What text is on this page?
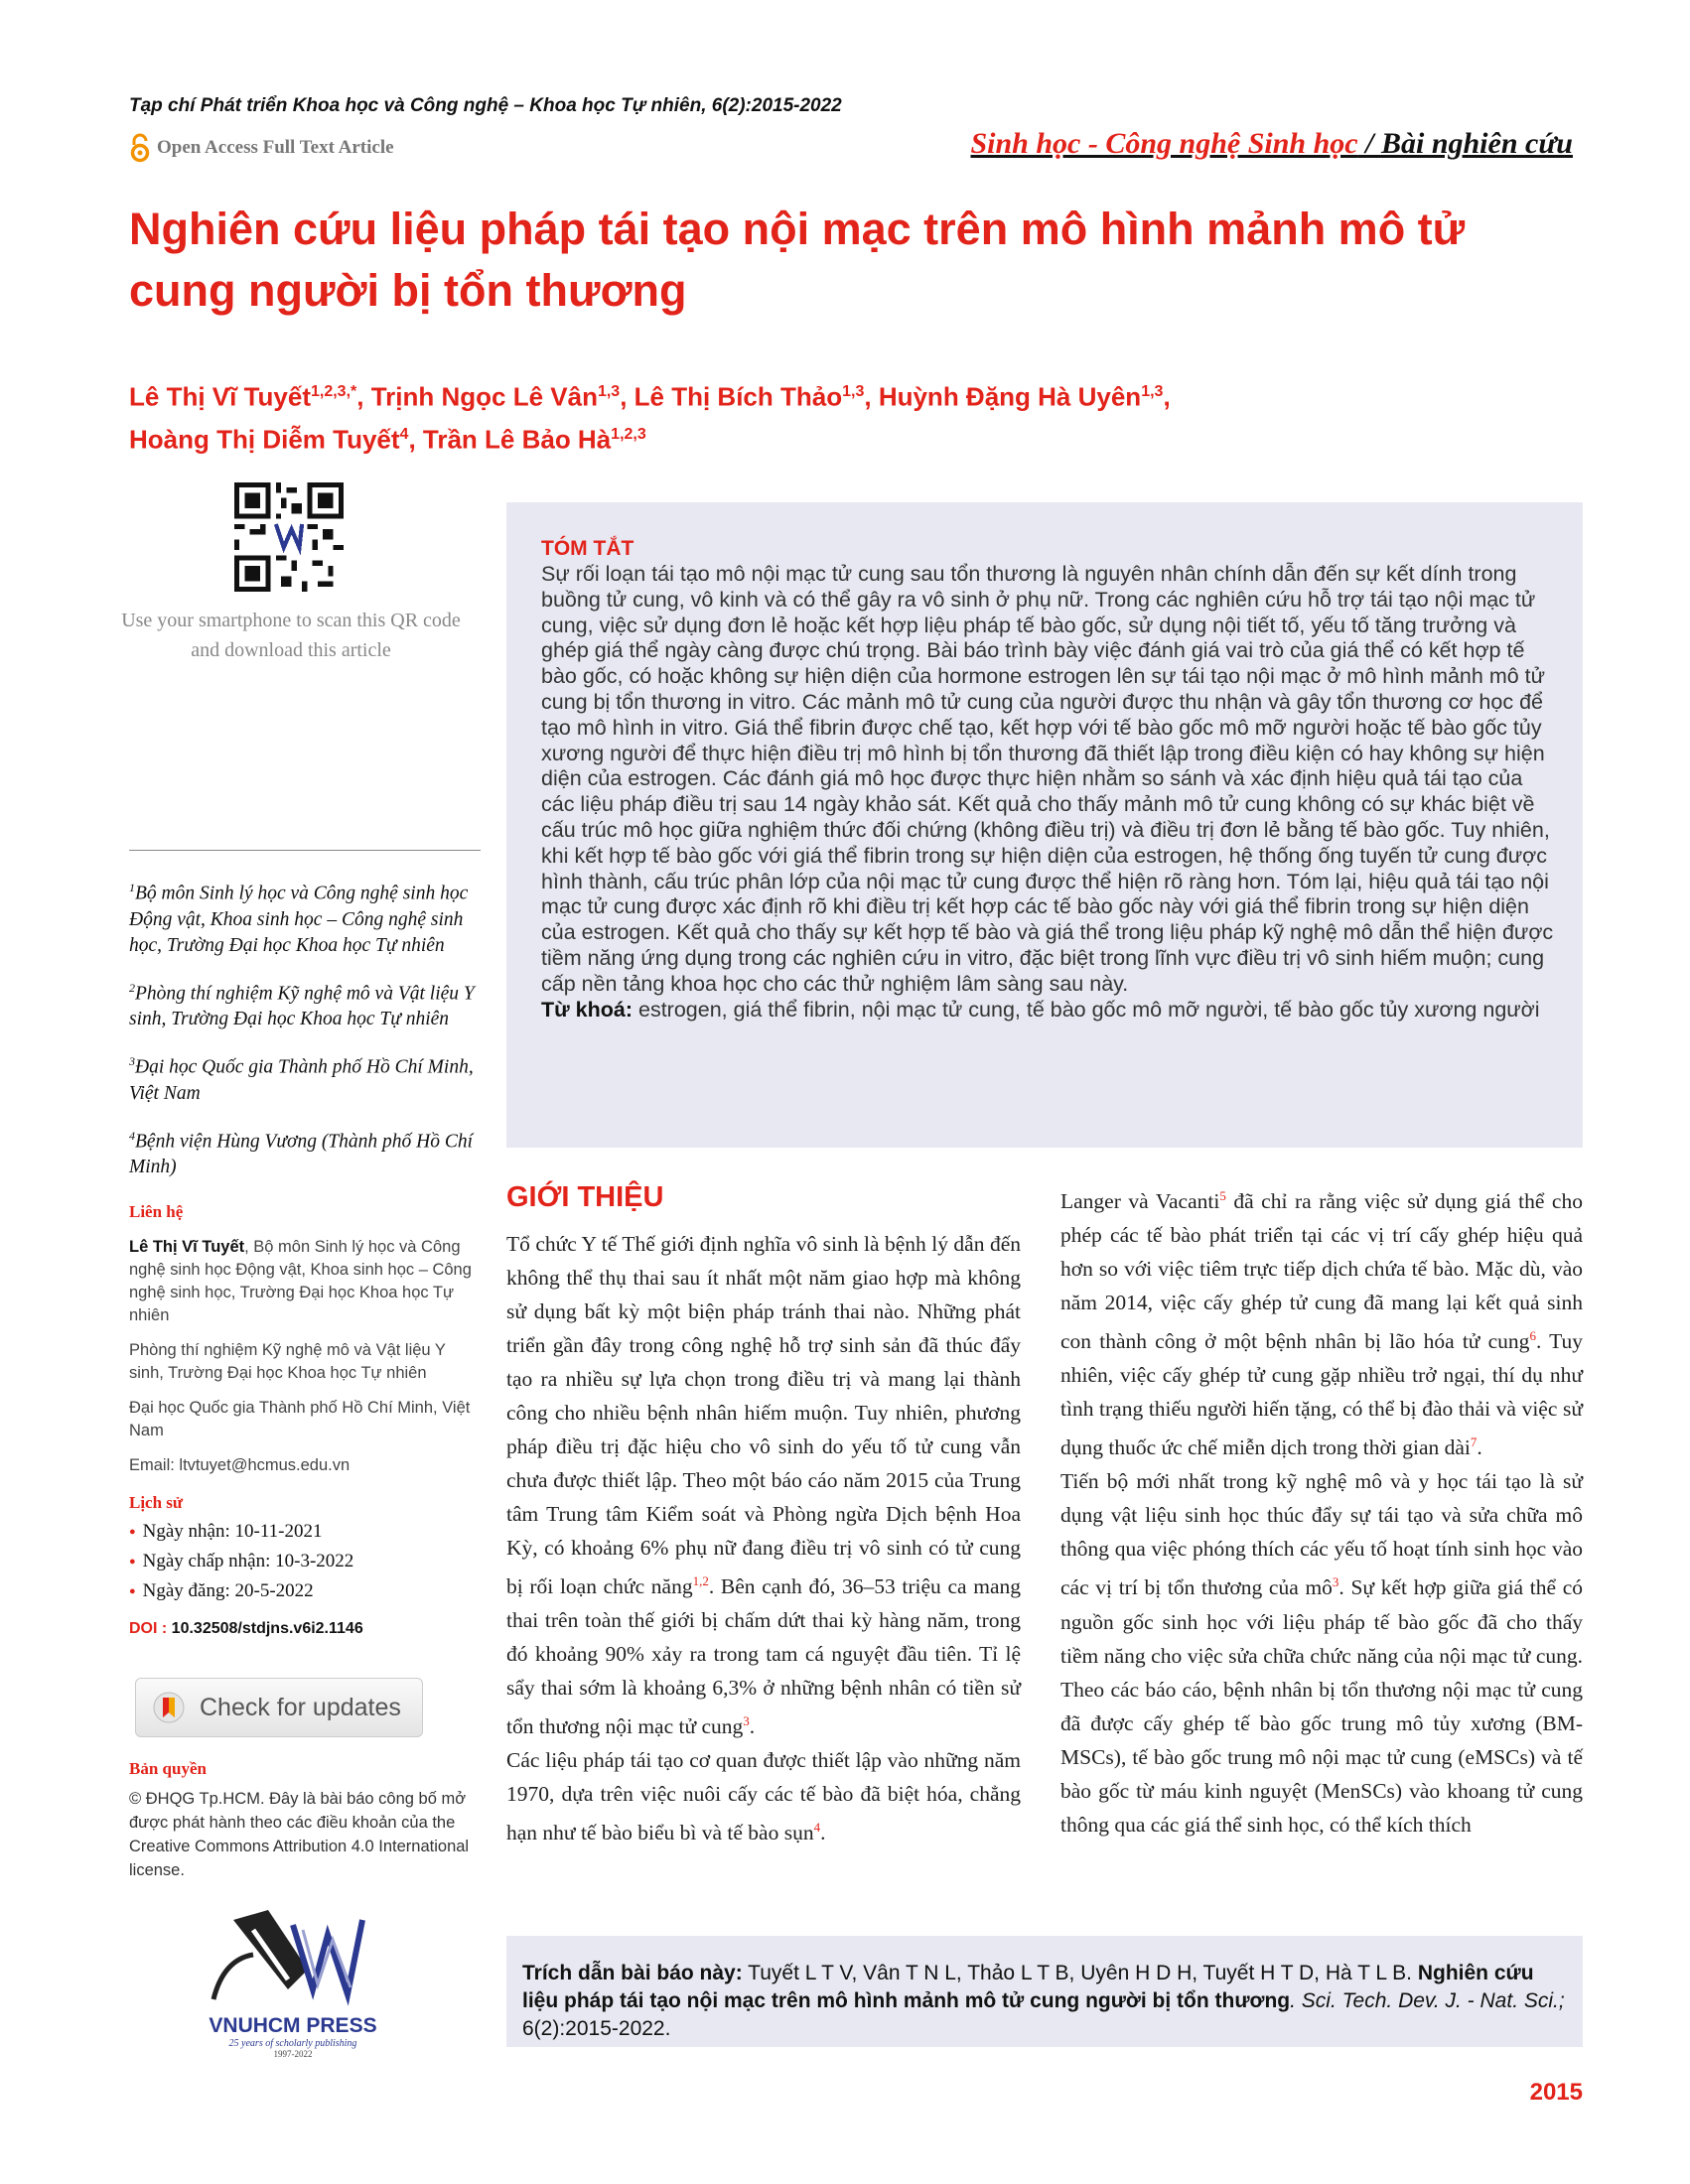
Tạp chí Phát triển Khoa học và Công nghệ – Khoa học Tự nhiên, 6(2):2015-2022
Open Access Full Text Article	Sinh học - Công nghệ Sinh học / Bài nghiên cứu
Nghiên cứu liệu pháp tái tạo nội mạc trên mô hình mảnh mô tử cung người bị tổn thương
Lê Thị Vĩ Tuyết$^{1,2,3,*}$, Trịnh Ngọc Lê Vân$^{1,3}$, Lê Thị Bích Thảo$^{1,3}$, Huỳnh Đặng Hà Uyên$^{1,3}$,
Hoàng Thị Diễm Tuyết$^4$, Trần Lê Bảo Hà$^{1,2,3}$
Use your smartphone to scan this QR code and download this article
TÓM TẮT
Sự rối loạn tái tạo mô nội mạc tử cung sau tổn thương là nguyên nhân chính dẫn đến sự kết dính trong buồng tử cung, vô kinh và có thể gây ra vô sinh ở phụ nữ. Trong các nghiên cứu hỗ trợ tái tạo nội mạc tử cung, việc sử dụng đơn lẻ hoặc kết hợp liệu pháp tế bào gốc, sử dụng nội tiết tố, yếu tố tăng trưởng và ghép giá thể ngày càng được chú trọng. Bài báo trình bày việc đánh giá vai trò của giá thể có kết hợp tế bào gốc, có hoặc không sự hiện diện của hormone estrogen lên sự tái tạo nội mạc ở mô hình mảnh mô tử cung bị tổn thương in vitro. Các mảnh mô tử cung của người được thu nhận và gây tổn thương cơ học để tạo mô hình in vitro. Giá thể fibrin được chế tạo, kết hợp với tế bào gốc mô mỡ người hoặc tế bào gốc tủy xương người để thực hiện điều trị mô hình bị tổn thương đã thiết lập trong điều kiện có hay không sự hiện diện của estrogen. Các đánh giá mô học được thực hiện nhằm so sánh và xác định hiệu quả tái tạo của các liệu pháp điều trị sau 14 ngày khảo sát. Kết quả cho thấy mảnh mô tử cung không có sự khác biệt về cấu trúc mô học giữa nghiệm thức đối chứng (không điều trị) và điều trị đơn lẻ bằng tế bào gốc. Tuy nhiên, khi kết hợp tế bào gốc với giá thể fibrin trong sự hiện diện của estrogen, hệ thống ống tuyến tử cung được hình thành, cấu trúc phân lớp của nội mạc tử cung được thể hiện rõ ràng hơn. Tóm lại, hiệu quả tái tạo nội mạc tử cung được xác định rõ khi điều trị kết hợp các tế bào gốc này với giá thể fibrin trong sự hiện diện của estrogen. Kết quả cho thấy sự kết hợp tế bào và giá thể trong liệu pháp kỹ nghệ mô dẫn thể hiện được tiềm năng ứng dụng trong các nghiên cứu in vitro, đặc biệt trong lĩnh vực điều trị vô sinh hiếm muộn; cung cấp nền tảng khoa học cho các thử nghiệm lâm sàng sau này.
Từ khoá: estrogen, giá thể fibrin, nội mạc tử cung, tế bào gốc mô mỡ người, tế bào gốc tủy xương người
$^1$Bộ môn Sinh lý học và Công nghệ sinh học Động vật, Khoa sinh học – Công nghệ sinh học, Trường Đại học Khoa học Tự nhiên
$^2$Phòng thí nghiệm Kỹ nghệ mô và Vật liệu Y sinh, Trường Đại học Khoa học Tự nhiên
$^3$Đại học Quốc gia Thành phố Hồ Chí Minh, Việt Nam
$^4$Bệnh viện Hùng Vương (Thành phố Hồ Chí Minh)
Liên hệ
Lê Thị Vĩ Tuyết, Bộ môn Sinh lý học và Công nghệ sinh học Động vật, Khoa sinh học – Công nghệ sinh học, Trường Đại học Khoa học Tự nhiên
Phòng thí nghiệm Kỹ nghệ mô và Vật liệu Y sinh, Trường Đại học Khoa học Tự nhiên
Đại học Quốc gia Thành phố Hồ Chí Minh, Việt Nam
Email: ltvtuyet@hcmus.edu.vn
Lịch sử
● Ngày nhận: 10-11-2021
● Ngày chấp nhận: 10-3-2022
● Ngày đăng: 20-5-2022
DOI : 10.32508/stdjns.v6i2.1146
Check for updates
Bản quyền
© ĐHQG Tp.HCM. Đây là bài báo công bố mở được phát hành theo các điều khoản của the Creative Commons Attribution 4.0 International license.
VNUHCM PRESS
25 years of scholarly publishing
1997-2022
GIỚI THIỆU

Tổ chức Y tế Thế giới định nghĩa vô sinh là bệnh lý dẫn đến không thể thụ thai sau ít nhất một năm giao hợp mà không sử dụng bất kỳ một biện pháp tránh thai nào. Những phát triển gần đây trong công nghệ hỗ trợ sinh sản đã thúc đẩy tạo ra nhiều sự lựa chọn trong điều trị và mang lại thành công cho nhiều bệnh nhân hiếm muộn. Tuy nhiên, phương pháp điều trị đặc hiệu cho vô sinh do yếu tố tử cung vẫn chưa được thiết lập. Theo một báo cáo năm 2015 của Trung tâm Trung tâm Kiểm soát và Phòng ngừa Dịch bệnh Hoa Kỳ, có khoảng 6% phụ nữ đang điều trị vô sinh có tử cung bị rối loạn chức năng$^{1,2}$. Bên cạnh đó, 36–53 triệu ca mang thai trên toàn thế giới bị chấm dứt thai kỳ hàng năm, trong đó khoảng 90% xảy ra trong tam cá nguyệt đầu tiên. Tỉ lệ sẩy thai sớm là khoảng 6,3% ở những bệnh nhân có tiền sử tổn thương nội mạc tử cung$^3$.

Các liệu pháp tái tạo cơ quan được thiết lập vào những năm 1970, dựa trên việc nuôi cấy các tế bào đã biệt hóa, chẳng hạn như tế bào biểu bì và tế bào sụn$^4$.

Langer và Vacanti$^5$ đã chỉ ra rằng việc sử dụng giá thể cho phép các tế bào phát triển tại các vị trí cấy ghép hiệu quả hơn so với việc tiêm trực tiếp dịch chứa tế bào. Mặc dù, vào năm 2014, việc cấy ghép tử cung đã mang lại kết quả sinh con thành công ở một bệnh nhân bị lão hóa tử cung$^6$. Tuy nhiên, việc cấy ghép tử cung gặp nhiều trở ngại, thí dụ như tình trạng thiếu người hiến tặng, có thể bị đào thải và việc sử dụng thuốc ức chế miễn dịch trong thời gian dài$^7$.

Tiến bộ mới nhất trong kỹ nghệ mô và y học tái tạo là sử dụng vật liệu sinh học thúc đẩy sự tái tạo và sửa chữa mô thông qua việc phóng thích các yếu tố hoạt tính sinh học vào các vị trí bị tổn thương của $mô^3$. Sự kết hợp giữa giá thể có nguồn gốc sinh học với liệu pháp tế bào gốc đã cho thấy tiềm năng cho việc sửa chữa chức năng của nội mạc tử cung. Theo các báo cáo, bệnh nhân bị tổn thương nội mạc tử cung đã được cấy ghép tế bào gốc trung mô tủy xương (BM-MSCs), tế bào gốc trung mô nội mạc tử cung (eMSCs) và tế bào gốc từ máu kinh nguyệt (MenSCs) vào khoang tử cung thông qua các giá thể sinh học, có thể kích thích

Trích dẫn bài báo này: Tuyết L T V, Vân T N L, Thảo L T B, Uyên H D H, Tuyết H T D, Hà T L B. Nghiên cứu liệu pháp tái tạo nội mạc trên mô hình mảnh mô tử cung người bị tổn thương. Sci. Tech. Dev. J. - Nat. Sci.; 6(2):2015-2022.
2015
